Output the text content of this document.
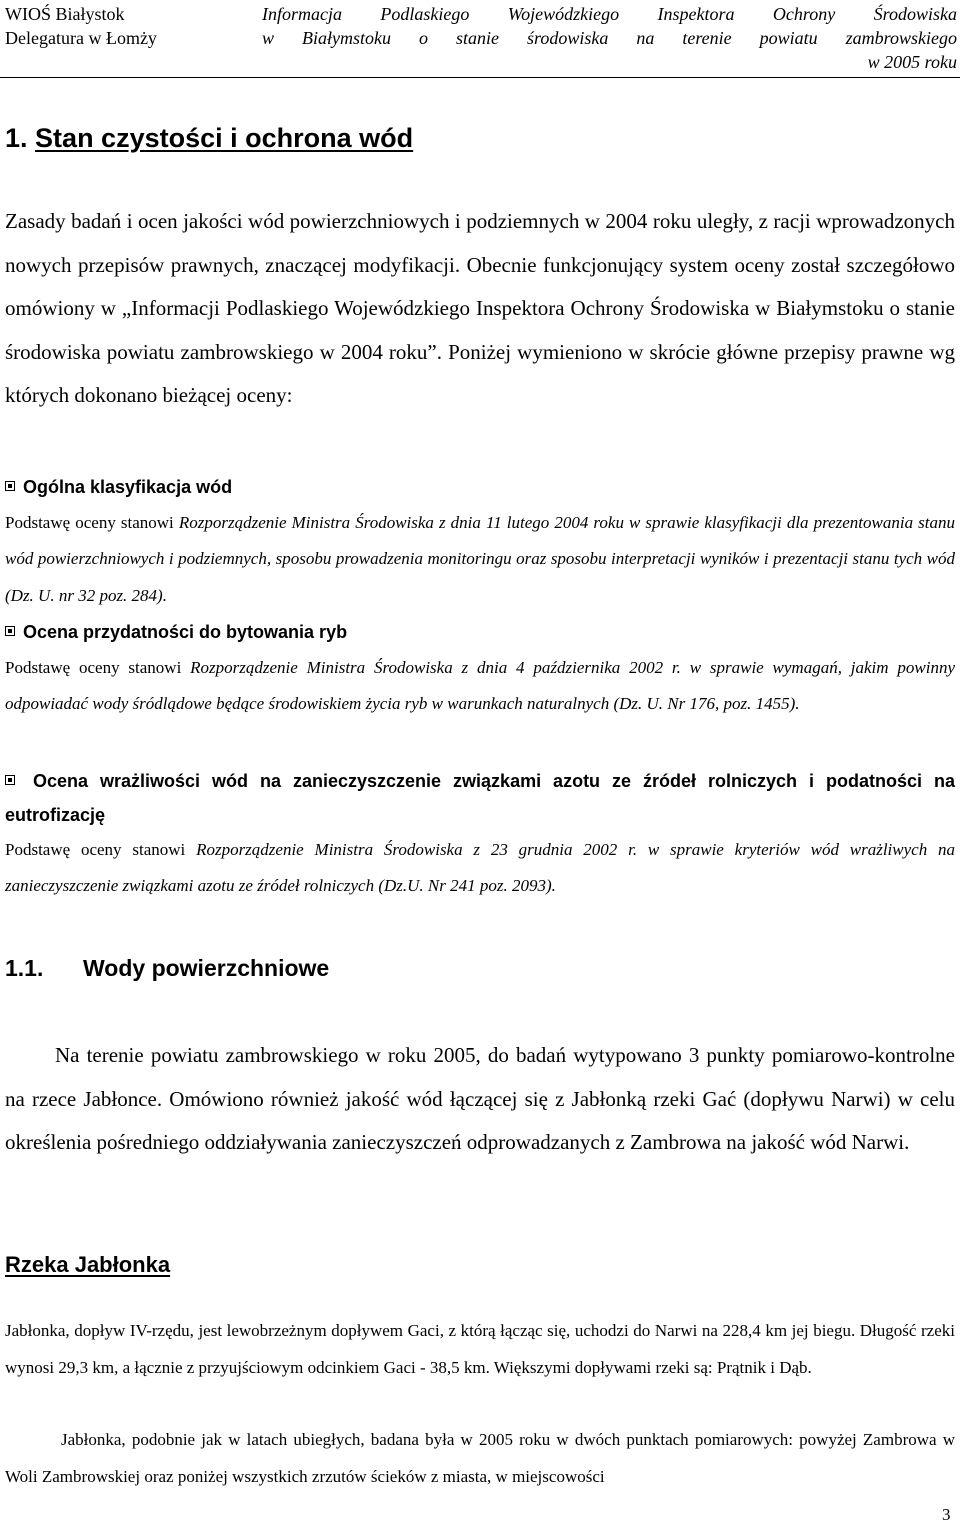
WIOŚ Białystok
Delegatura w Łomży
Informacja Podlaskiego Wojewódzkiego Inspektora Ochrony Środowiska
w Białymstoku o stanie środowiska na terenie powiatu zambrowskiego
w 2005 roku
1. Stan czystości i ochrona wód
Zasady badań i ocen jakości wód powierzchniowych i podziemnych w 2004 roku uległy, z racji wprowadzonych nowych przepisów prawnych, znaczącej modyfikacji. Obecnie funkcjonujący system oceny został szczegółowo omówiony w „Informacji Podlaskiego Wojewódzkiego Inspektora Ochrony Środowiska w Białymstoku o stanie środowiska powiatu zambrowskiego w 2004 roku”. Poniżej wymieniono w skrócie główne przepisy prawne wg których dokonano bieżącej oceny:
Ogólna klasyfikacja wód
Podstawę oceny stanowi Rozporządzenie Ministra Środowiska z dnia 11 lutego 2004 roku w sprawie klasyfikacji dla prezentowania stanu wód powierzchniowych i podziemnych, sposobu prowadzenia monitoringu oraz sposobu interpretacji wyników i prezentacji stanu tych wód (Dz. U. nr 32 poz. 284).
Ocena przydatności do bytowania ryb
Podstawę oceny stanowi Rozporządzenie Ministra Środowiska z dnia 4 października 2002 r. w sprawie wymagań, jakim powinny odpowiadać wody śródlądowe będące środowiskiem życia ryb w warunkach naturalnych (Dz. U. Nr 176, poz. 1455).
Ocena wrażliwości wód na zanieczyszczenie związkami azotu ze źródeł rolniczych i podatności na eutrofizację
Podstawę oceny stanowi Rozporządzenie Ministra Środowiska z 23 grudnia 2002 r. w sprawie kryteriów wód wrażliwych na zanieczyszczenie związkami azotu ze źródeł rolniczych (Dz.U. Nr 241 poz. 2093).
1.1. Wody powierzchniowe
Na terenie powiatu zambrowskiego w roku 2005, do badań wytypowano 3 punkty pomiarowo-kontrolne na rzece Jabłonce. Omówiono również jakość wód łączącej się z Jabłonką rzeki Gać (dopływu Narwi) w celu określenia pośredniego oddziaływania zanieczyszczeń odprowadzanych z Zambrowa na jakość wód Narwi.
Rzeka Jabłonka
Jabłonka, dopływ IV-rzędu, jest lewobrzeżnym dopływem Gaci, z którą łącząc się, uchodzi do Narwi na 228,4 km jej biegu. Długość rzeki wynosi 29,3 km, a łącznie z przyujściowym odcinkiem Gaci - 38,5 km. Większymi dopływami rzeki są: Prątnik i Dąb.
Jabłonka, podobnie jak w latach ubiegłych, badana była w 2005 roku w dwóch punktach pomiarowych: powyżej Zambrowa w Woli Zambrowskiej oraz poniżej wszystkich zrzutów ścieków z miasta, w miejscowości
3
